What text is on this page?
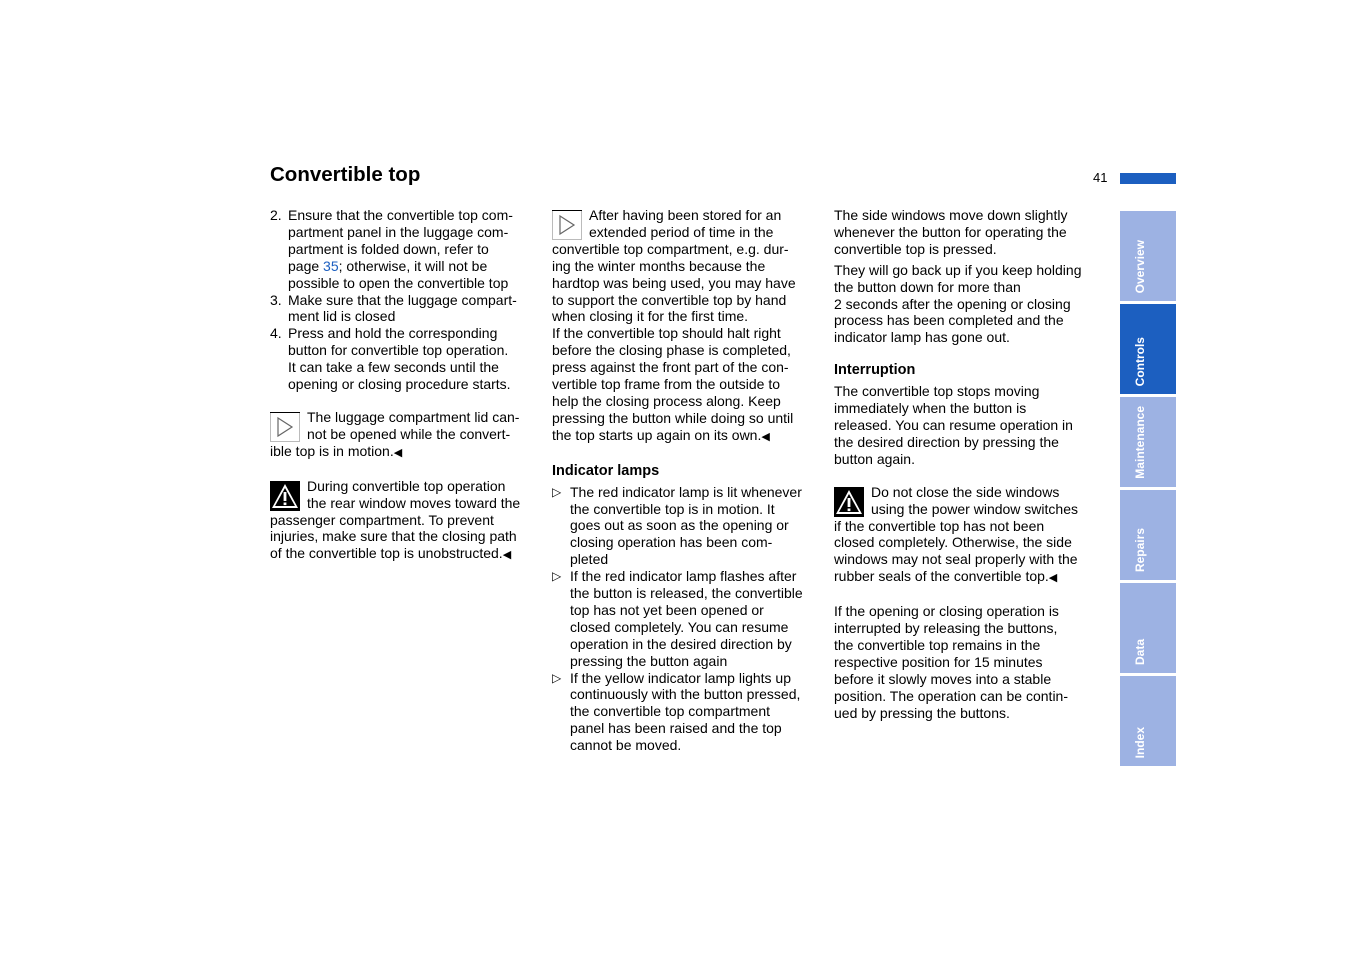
Convertible top	41
2. Ensure that the convertible top com-
partment panel in the luggage com-
partment is folded down, refer to
page 35; otherwise, it will not be
possible to open the convertible top
3. Make sure that the luggage compart-
ment lid is closed
4. Press and hold the corresponding
button for convertible top operation.
It can take a few seconds until the
opening or closing procedure starts.

The luggage compartment lid can-
not be opened while the convert-
ible top is in motion.◀

During convertible top operation
the rear window moves toward the
passenger compartment. To prevent
injuries, make sure that the closing path
of the convertible top is unobstructed.◀

After having been stored for an
extended period of time in the
convertible top compartment, e.g. dur-
ing the winter months because the
hardtop was being used, you may have
to support the convertible top by hand
when closing it for the first time.
If the convertible top should halt right
before the closing phase is completed,
press against the front part of the con-
vertible top frame from the outside to
help the closing process along. Keep
pressing the button while doing so until
the top starts up again on its own.◀

Indicator lamps
▷ The red indicator lamp is lit whenever
the convertible top is in motion. It
goes out as soon as the opening or
closing operation has been com-
pleted
▷ If the red indicator lamp flashes after
the button is released, the convertible
top has not yet been opened or
closed completely. You can resume
operation in the desired direction by
pressing the button again
▷ If the yellow indicator lamp lights up
continuously with the button pressed,
the convertible top compartment
panel has been raised and the top
cannot be moved.

The side windows move down slightly
whenever the button for operating the
convertible top is pressed.

They will go back up if you keep holding
the button down for more than
2 seconds after the opening or closing
process has been completed and the
indicator lamp has gone out.

Interruption

The convertible top stops moving
immediately when the button is
released. You can resume operation in
the desired direction by pressing the
button again.

Do not close the side windows
using the power window switches
if the convertible top has not been
closed completely. Otherwise, the side
windows may not seal properly with the
rubber seals of the convertible top.◀

If the opening or closing operation is
interrupted by releasing the buttons,
the convertible top remains in the
respective position for 15 minutes
before it slowly moves into a stable
position. The operation can be contin-
ued by pressing the buttons.

Overview
Controls
Maintenance
Repairs
Data
Index
